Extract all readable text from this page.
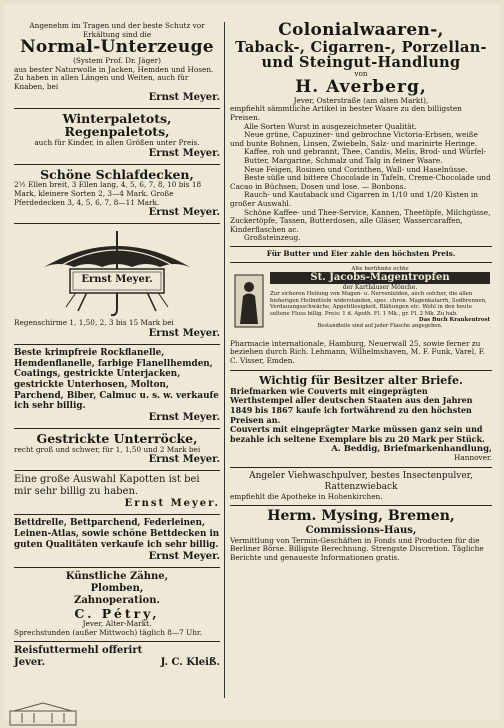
Angenehm im Tragen und der beste Schutz vor Erkältung sind die
Normal-Unterzeuge
(System Prof. Dr. Jäger)
aus bester Naturwolle in Jacken, Hemden und Hosen. Zu haben in allen Längen und Weiten, auch für Knaben, bei
Ernst Meyer.
Winterpaletots, Regenpaletots,
auch für Kinder, in allen Größen unter Preis.
Ernst Meyer.
Schöne Schlafdecken,
2½ Ellen breit, 3 Ellen lang, 4, 5, 6, 7, 8, 10 bis 18 Mark, kleinere Sorten 2, 3—4 Mark. Große Pferdedecken 3, 4, 5, 6, 7, 8—11 Mark.
Ernst Meyer.
Ernst Meyer.
Regenschirme 1, 1,50, 2, 3 bis 15 Mark bei
Ernst Meyer.
Beste krimpfreie Rockflanelle, Hemdenflanelle, farbige Flanellhemden, Coatings, gestrickte Unterjacken, gestrickte Unterhosen, Molton, Parchend, Biber, Calmuc u. s. w. verkaufe ich sehr billig.
Ernst Meyer.
Gestrickte Unterröcke,
recht groß und schwer, für 1, 1,50 und 2 Mark bei
Ernst Meyer.
Eine große Auswahl Kapotten ist bei mir sehr billig zu haben.
Ernst Meyer.
Bettdrelle, Bettparchend, Federleinen, Leinen-Atlas, sowie schöne Bettdecken in guten Qualitäten verkaufe ich sehr billig.
Ernst Meyer.
Künstliche Zähne,
Plomben,
Zahnoperation.
C. Pétry,
Jever, Alter-Markt.
Sprechstunden (außer Mittwoch) täglich 8—7 Uhr.
Reisfuttermehl offerirt
Jever.	J. C. Kleiß.
Colonialwaaren-,
Taback-, Cigarren-, Porzellan-
und Steingut-Handlung
von
H. Averberg,
Jever, Osterstraße (am alten Markt),
empfiehlt sämmtliche Artikel in bester Waare zu den billigsten Preisen.
Alle Sorten Wurst in ausgezeichneter Qualität.
Neue grüne, Capuziner- und gebrochne Victoria-Erbsen, weiße und bunte Bohnen, Linsen, Zwiebeln, Salz- und marinirte Heringe.
Kaffee, roh und gebrannt, Thee, Candis, Melis, Brod- und Würfel-
Butter, Margarine, Schmalz und Talg in feiner Waare.
Neue Feigen, Rosinen und Corinthen, Wall- und Haselnüsse.
Beste süße und bittere Chocolade in Tafeln, Creme-Chocolade und Cacao in Büchsen, Dosen und lose. — Bonbons.
Rauch- und Kautaback und Cigarren in 1/10 und 1/20 Kisten in großer Auswahl.
Schöne Kaffee- und Thee-Service, Kannen, Theetöpfe, Milchgüsse, Zuckertöpfe, Tassen, Butterdosen, alle Gläser, Wassercaraffen, Kinderflaschen ac.
Großsteinzeug.
Für Butter und Eier zahle den höchsten Preis.
Alte berühmte echte
St. Jacobs-Magentropfen
der Karthäuser Mönche.
Zur sicheren Heilung von Magen- u. Nervenleiden, auch solcher, die allen bisherigen Heilmitteln widerstanden, spec. chron. Magenkatarrh, Sodbrennen, Verdauungsschwäche, Appetitlosigkeit, Blähungen etc. Wohl in den heute seltene Fluss billig. Preis: 1 d. Apoth. Fl. 1 Mk., gr. Fl. 2 Mk. Zu hab.
Das Buch Krankentrost
Bestandteile sind auf jeder Flasche angegeben.
Pharmacie internationale, Hamburg, Neuerwall 25, sowie ferner zu beziehen durch Rich. Lehmann, Wilhelmshaven, M. F. Funk, Varel, F. C. Visser, Emden.
Wichtig für Besitzer alter Briefe.
Briefmarken wie Couverts mit eingeprägten Werthstempel aller deutschen Staaten aus den Jahren 1849 bis 1867 kaufe ich fortwährend zu den höchsten Preisen an.
Couverts mit eingeprägter Marke müssen ganz sein und bezahle ich seltene Exemplare bis zu 20 Mark per Stück.
A. Beddig, Briefmarkenhandlung,
Hannover.
Angeler Viehwaschpulver, bestes Insectenpulver, Rattenzwieback
empfiehlt die Apotheke in Hohenkirchen.
Herm. Mysing, Bremen,
Commissions-Haus,
Vermittlung von Termin-Geschäften in Fonds und Producten für die Berliner Börse. Billigste Berechnung. Strengste Discretion. Tägliche Berichte und genaueste Informationen gratis.
